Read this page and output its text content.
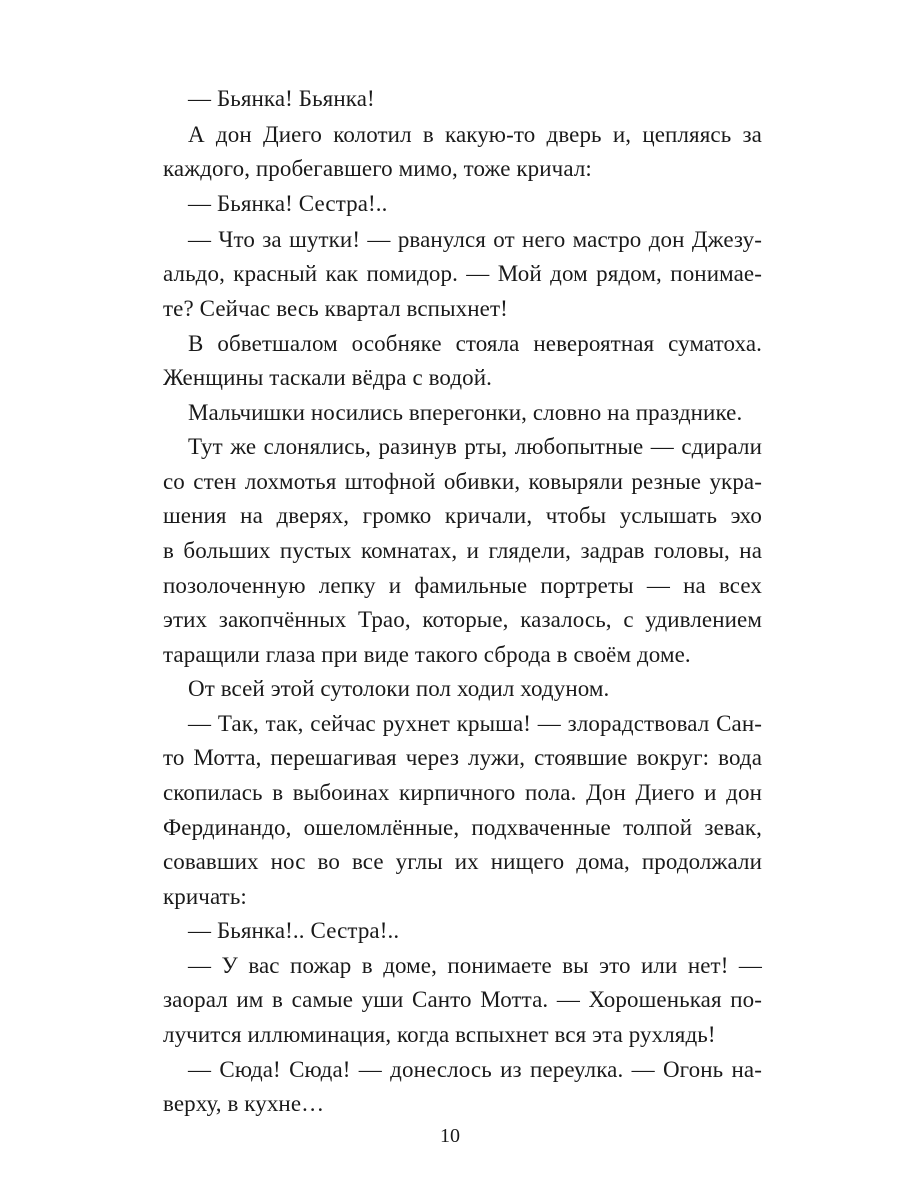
— Бьянка! Бьянка!
А дон Диего колотил в какую-то дверь и, цепляясь за
каждого, пробегавшего мимо, тоже кричал:
— Бьянка! Сестра!..
— Что за шутки! — рванулся от него мастро дон Джезу-
альдо, красный как помидор. — Мой дом рядом, понимае-
те? Сейчас весь квартал вспыхнет!
В обветшалом особняке стояла невероятная суматоха.
Женщины таскали вёдра с водой.
Мальчишки носились вперегонки, словно на празднике.
Тут же слонялись, разинув рты, любопытные — сдирали
со стен лохмотья штофной обивки, ковыряли резные укра-
шения на дверях, громко кричали, чтобы услышать эхо
в больших пустых комнатах, и глядели, задрав головы, на
позолоченную лепку и фамильные портреты — на всех
этих закопчённых Трао, которые, казалось, с удивлением
таращили глаза при виде такого сброда в своём доме.
От всей этой сутолоки пол ходил ходуном.
— Так, так, сейчас рухнет крыша! — злорадствовал Сан-
то Мотта, перешагивая через лужи, стоявшие вокруг: вода
скопилась в выбоинах кирпичного пола. Дон Диего и дон
Фердинандо, ошеломлённые, подхваченные толпой зевак,
совавших нос во все углы их нищего дома, продолжали
кричать:
— Бьянка!.. Сестра!..
— У вас пожар в доме, понимаете вы это или нет! —
заорал им в самые уши Санто Мотта. — Хорошенькая по-
лучится иллюминация, когда вспыхнет вся эта рухлядь!
— Сюда! Сюда! — донеслось из переулка. — Огонь на-
верху, в кухне…
10
